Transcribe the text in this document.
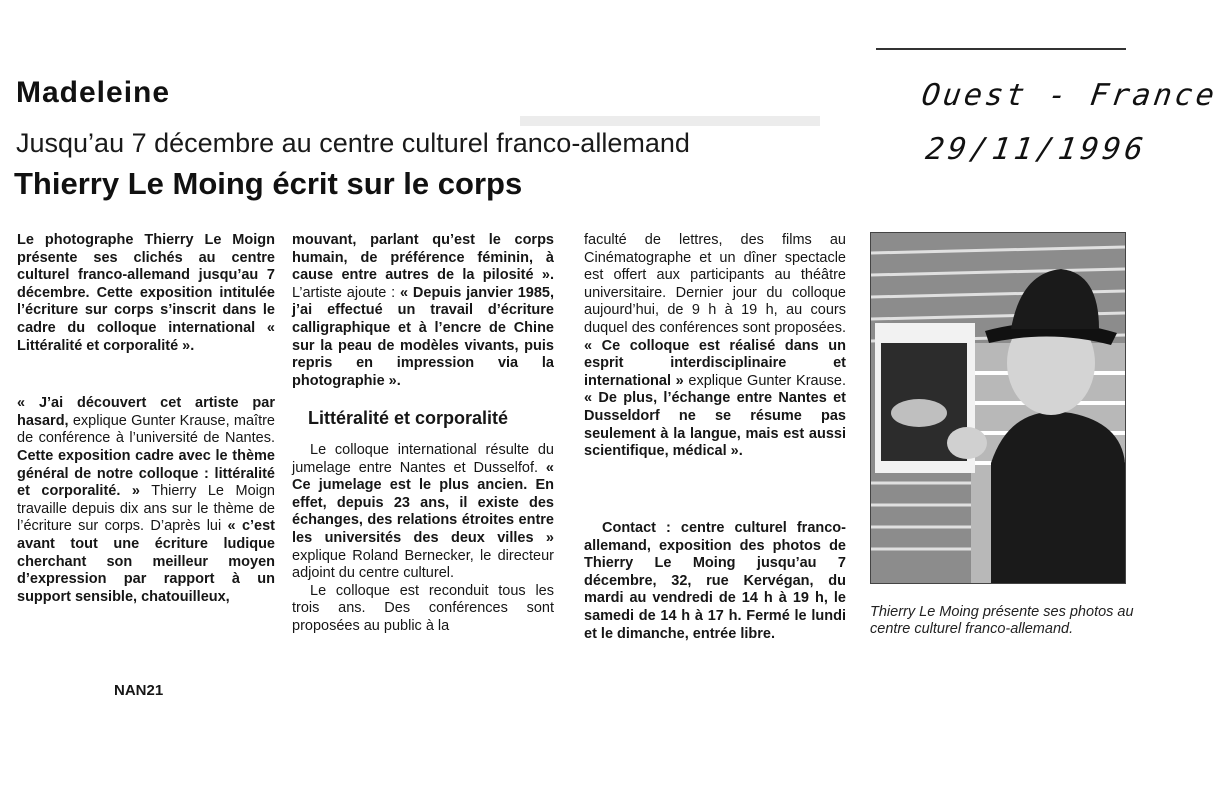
Madeleine	Ouest - France
29/11/1996
Jusqu’au 7 décembre au centre culturel franco-allemand
Thierry Le Moing écrit sur le corps

Le photographe Thierry Le Moign présente ses clichés au centre culturel franco-allemand jusqu’au 7 décembre. Cette exposition intitulée l’écriture sur corps s’inscrit dans le cadre du colloque international « Littéralité et corporalité ».

« J’ai découvert cet artiste par hasard, explique Gunter Krause, maître de conférence à l’université de Nantes. Cette exposition cadre avec le thème général de notre colloque : littéralité et corporalité. » Thierry Le Moign travaille depuis dix ans sur le thème de l’écriture sur corps. D’après lui « c’est avant tout une écriture ludique cherchant son meilleur moyen d’expression par rapport à un support sensible, chatouilleux,

mouvant, parlant qu’est le corps humain, de préférence féminin, à cause entre autres de la pilosité ». L’artiste ajoute : « Depuis janvier 1985, j’ai effectué un travail d’écriture calligraphique et à l’encre de Chine sur la peau de modèles vivants, puis repris en impression via la photographie ».

Littéralité et corporalité

Le colloque international résulte du jumelage entre Nantes et Dusselfof. « Ce jumelage est le plus ancien. En effet, depuis 23 ans, il existe des échanges, des relations étroites entre les universités des deux villes » explique Roland Bernecker, le directeur adjoint du centre culturel.

Le colloque est reconduit tous les trois ans. Des conférences sont proposées au public à la

faculté de lettres, des films au Cinématographe et un dîner spectacle est offert aux participants au théâtre universitaire. Dernier jour du colloque aujourd’hui, de 9 h à 19 h, au cours duquel des conférences sont proposées. « Ce colloque est réalisé dans un esprit interdisciplinaire et international » explique Gunter Krause. « De plus, l’échange entre Nantes et Dusseldorf ne se résume pas seulement à la langue, mais est aussi scientifique, médical ».

Contact : centre culturel franco-allemand, exposition des photos de Thierry Le Moing jusqu’au 7 décembre, 32, rue Kervégan, du mardi au vendredi de 14 h à 19 h, le samedi de 14 h à 17 h. Fermé le lundi et le dimanche, entrée libre.

NAN21
Thierry Le Moing présente ses photos au centre culturel franco-allemand.
